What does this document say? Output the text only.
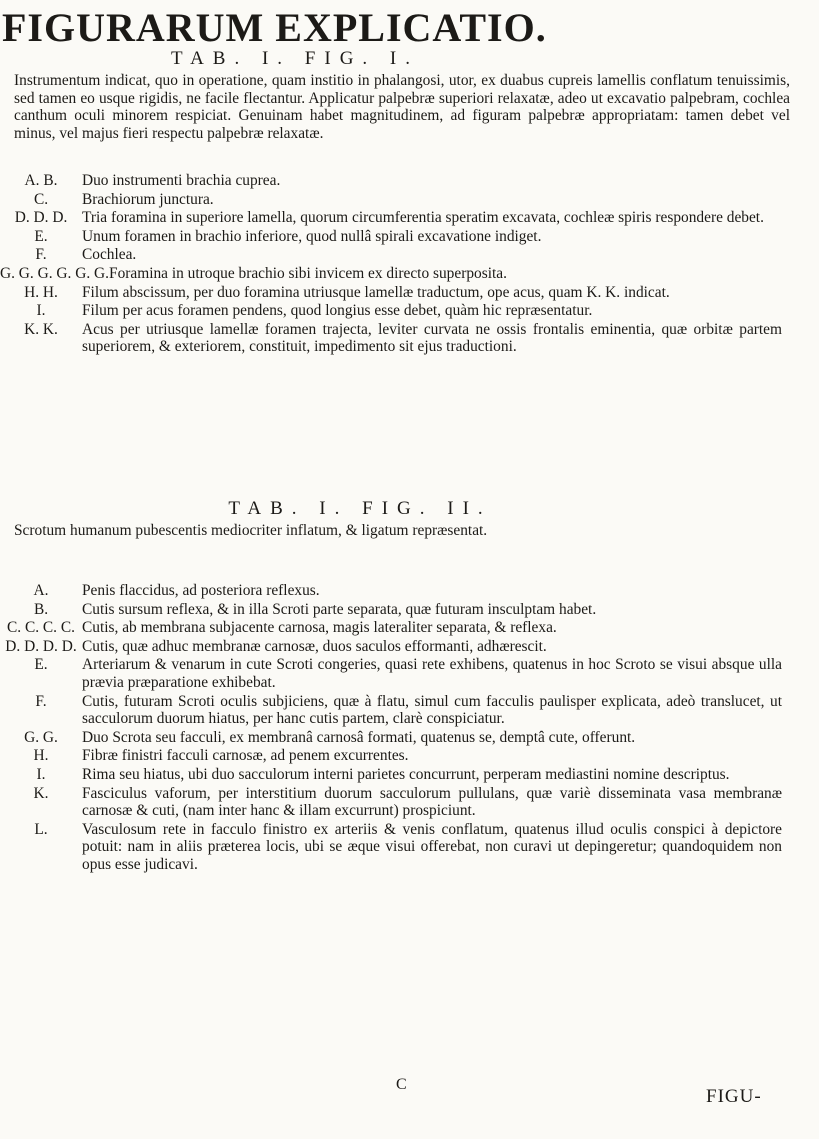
FIGURARUM EXPLICATIO.
TAB. I. FIG. I.
Instrumentum indicat, quo in operatione, quam institio in phalangosi, utor, ex duabus cupreis lamellis conflatum tenuissimis, sed tamen eo usque rigidis, ne facile flectantur. Applicatur palpebræ superiori relaxatæ, adeo ut excavatio palpebram, cochlea canthum oculi minorem respiciat. Genuinam habet magnitudinem, ad figuram palpebræ appropriatam: tamen debet vel minus, vel majus fieri respectu palpebræ relaxatæ.
A. B.	Duo instrumenti brachia cuprea.
C.	Brachiorum junctura.
D. D. D. Tria foramina in superiore lamella, quorum circumferentia speratim excavata, cochleæ spiris respondere debet.
E.	Unum foramen in brachio inferiore, quod nullâ spirali excavatione indiget.
F.	Cochlea.
G. G. G. G. G. G. Foramina in utroque brachio sibi invicem ex directo superposita.
H. H.	Filum abscissum, per duo foramina utriusque lamellæ traductum, ope acus, quam K. K. indicat.
I.	Filum per acus foramen pendens, quod longius esse debet, quàm hic repræsentatur.
K. K.	Acus per utriusque lamellæ foramen trajecta, leviter curvata ne ossis frontalis eminentia, quæ orbitæ partem superiorem, & exteriorem, constituit, impedimento sit ejus traductioni.
TAB. I. FIG. II.
Scrotum humanum pubescentis mediocriter inflatum, & ligatum repræsentat.
A.	Penis flaccidus, ad posteriora reflexus.
B.	Cutis sursum reflexa, & in illa Scroti parte separata, quæ futuram insculptam habet.
C. C. C. C. Cutis, ab membrana subjacente carnosa, magis lateraliter separata, & reflexa.
D. D. D. D. Cutis, quæ adhuc membranæ carnosæ, duos saculos efformanti, adhærescit.
E.	Arteriarum & venarum in cute Scroti congeries, quasi rete exhibens, quatenus in hoc Scroto se visui absque ulla prævia præparatione exhibebat.
F.	Cutis, futuram Scroti oculis subjiciens, quæ à flatu, simul cum facculis paulisper explicata, adeò translucet, ut sacculorum duorum hiatus, per hanc cutis partem, clarè conspiciatur.
G. G.	Duo Scrota seu facculi, ex membranâ carnosâ formati, quatenus se, demptâ cute, offerunt.
H.	Fibræ finistri facculi carnosæ, ad penem excurrentes.
I.	Rima seu hiatus, ubi duo sacculorum interni parietes concurrunt, perperam mediastini nomine descriptus.
K.	Fasciculus vaforum, per interstitium duorum sacculorum pullulans, quæ variè disseminata vasa membranæ carnosæ & cuti, (nam inter hanc & illam excurrunt) prospiciunt.
L.	Vasculosum rete in facculo finistro ex arteriis & venis conflatum, quatenus illud oculis conspici à depictore potuit: nam in aliis præterea locis, ubi se æque visui offerebat, non curavi ut depingeretur; quandoquidem non opus esse judicavi.
C
FIGU-
